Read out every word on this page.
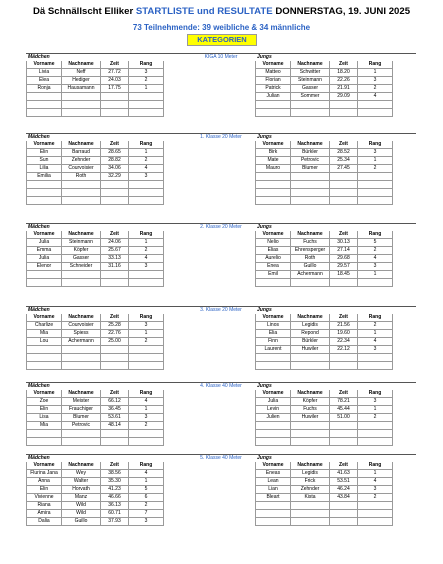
Dä Schnällscht Elliker STARTLISTE und RESULTATE DONNERSTAG, 19. JUNI 2025
73 Teilnehmende: 39 weibliche & 34 männliche
KATEGORIEN
KIGA 10 Meter
Mädchen	Jungs
Vorname	Nachname	Zeit	Rang
Livia	Neff	27.72	3
Elea	Hediger	24.03	2
Ronja	Hausamann	17.75	1
Vorname	Nachname	Zeit	Rang
Matteo	Schwitter	18.20	1
Florian	Steinmann	22.26	3
Patrick	Gasser	21.91	2
Julian	Sommer	29.09	4
1. Klasse 20 Meter
Mädchen	Jungs
Vorname	Nachname	Zeit	Rang
Elin	Barraud	28.65	1
Sun	Zehnder	28.82	2
Lilia	Courvoisier	34.06	4
Emilia	Roth	32.29	3
Vorname	Nachname	Zeit	Rang
Birk	Bürkler	28.52	3
Mate	Petrovic	25.34	1
Mauro	Blumer	27.45	2
2. Klasse 20 Meter
Mädchen	Jungs
Vorname	Nachname	Zeit	Rang
Julia	Steinmann	24.06	1
Emma	Köpfer	25.67	2
Julia	Gasser	33.13	4
Elenor	Schneider	31.16	3
Vorname	Nachname	Zeit	Rang
Nelio	Fuchs	30.13	5
Elias	Ehrensperger	27.14	2
Aurelio	Roth	29.68	4
Enea	Guillo	29.57	3
Emil	Achermann	18.45	1
3. Klasse 20 Meter
Mädchen	Jungs
Vorname	Nachname	Zeit	Rang
Charlize	Courvoisier	25.28	3
Mia	Spiess	22.76	1
Lou	Achermann	25.00	2
Vorname	Nachname	Zeit	Rang
Linos	Legidis	21.56	2
Elia	Repond	19.60	1
Finn	Bürkler	22.34	4
Laurent	Huwiler	22.12	3
4. Klasse 40 Meter
Mädchen	Jungs
Vorname	Nachname	Zeit	Rang
Zoe	Meister	66.12	4
Elin	Frauchiger	36.45	1
Lisa	Blumer	53.61	3
Mia	Petrovic	48.14	2
Vorname	Nachname	Zeit	Rang
Julia	Köpfer	78.21	3
Levin	Fuchs	45.44	1
Julien	Huwiler	51.00	2
5. Klasse 40 Meter
Mädchen	Jungs
Vorname	Nachname	Zeit	Rang
Flurina Jana	Wey	38.56	4
Anna	Walter	35.30	1
Elin	Horvath	41.23	5
Vivienne	Manz	46.66	6
Riana	Wild	36.13	2
Amira	Wild	60.71	7
Dalia	Guillo	37.93	3
Vorname	Nachname	Zeit	Rang
Eneas	Legidis	41.63	1
Lean	Frick	53.51	4
Lian	Zehnder	46.24	3
Bleart	Kista	43.84	2
